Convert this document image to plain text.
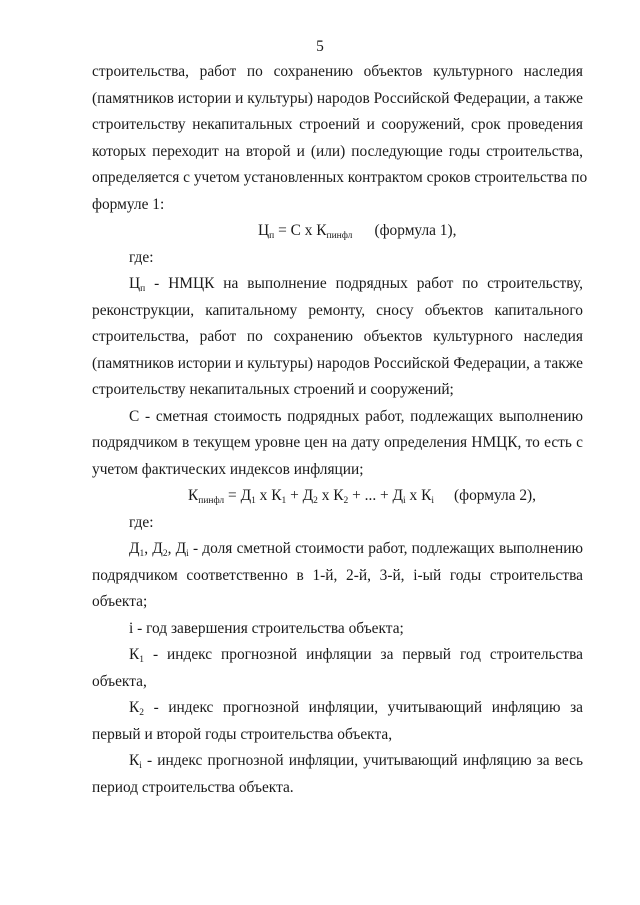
5
строительства, работ по сохранению объектов культурного наследия
(памятников истории и культуры) народов Российской Федерации, а также
строительству некапитальных строений и сооружений, срок проведения
которых переходит на второй и (или) последующие годы строительства,
определяется с учетом установленных контрактом сроков строительства по
формуле 1:
$Ц_п = С$ x $К_{пинфл}$ (формула 1),
где:
$Ц_п$ - НМЦК на выполнение подрядных работ по строительству,
реконструкции, капитальному ремонту, сносу объектов капитального
строительства, работ по сохранению объектов культурного наследия
(памятников истории и культуры) народов Российской Федерации, а также
строительству некапитальных строений и сооружений;
С - сметная стоимость подрядных работ, подлежащих выполнению
подрядчиком в текущем уровне цен на дату определения НМЦК, то есть с
учетом фактических индексов инфляции;
$К_{пинфл} = Д_1$ x $К_1 + Д_2$ x $К_2$ + ... + $Д_i$ x $К_i$ (формула 2),
где:
$Д_1$, $Д_2$, $Д_i$ - доля сметной стоимости работ, подлежащих выполнению
подрядчиком соответственно в 1-й, 2-й, 3-й, i-ый годы строительства
объекта;
i - год завершения строительства объекта;
$К_1$ - индекс прогнозной инфляции за первый год строительства
объекта,
$К_2$ - индекс прогнозной инфляции, учитывающий инфляцию за
первый и второй годы строительства объекта,
$К_i$ - индекс прогнозной инфляции, учитывающий инфляцию за весь
период строительства объекта.
